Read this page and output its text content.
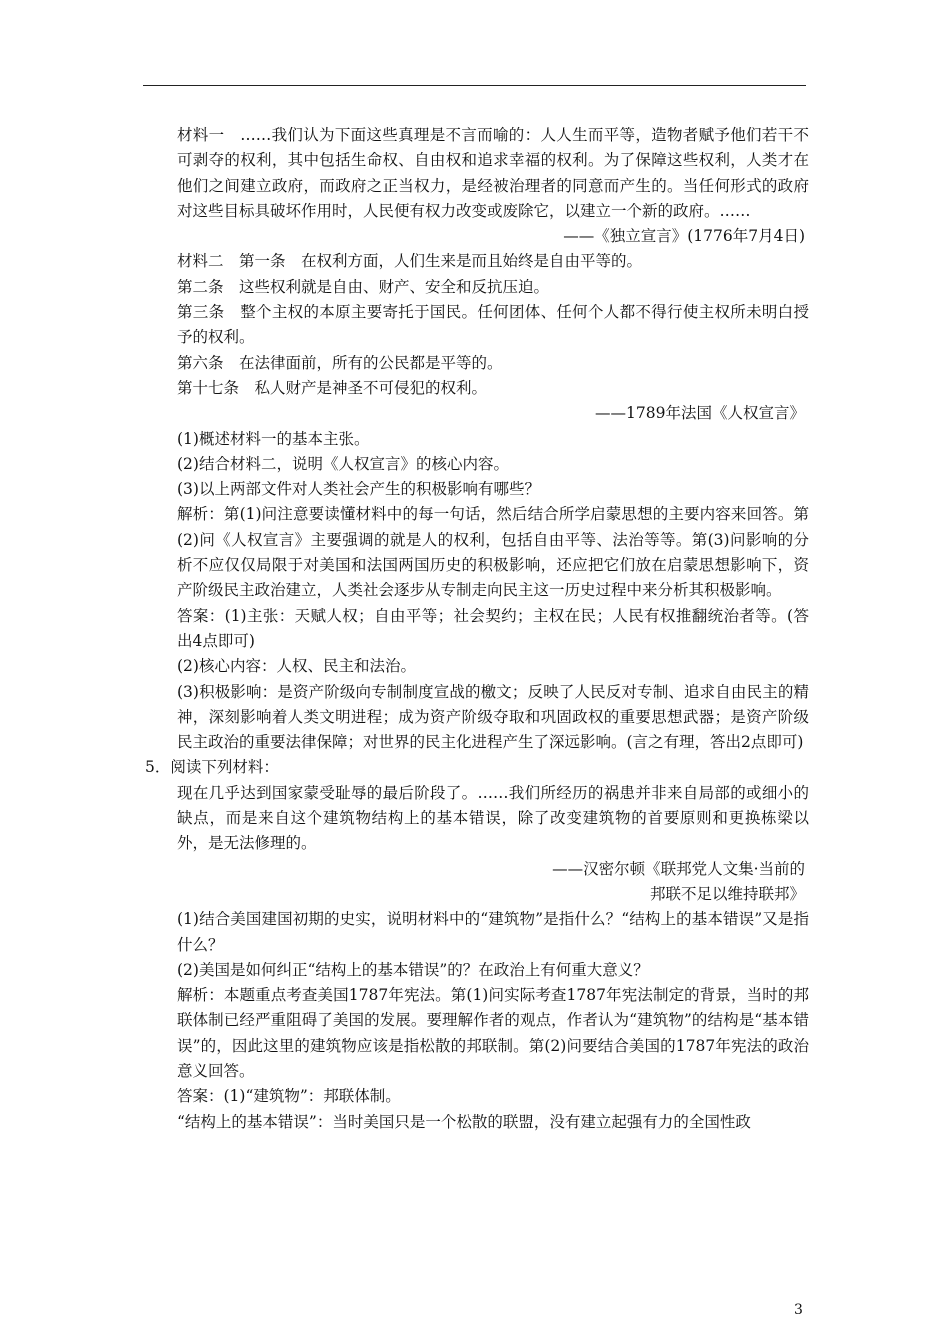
材料一　……我们认为下面这些真理是不言而喻的：人人生而平等，造物者赋予他们若干不可剥夺的权利，其中包括生命权、自由权和追求幸福的权利。为了保障这些权利，人类才在他们之间建立政府，而政府之正当权力，是经被治理者的同意而产生的。当任何形式的政府对这些目标具破坏作用时，人民便有权力改变或废除它，以建立一个新的政府。……

——《独立宣言》(1776年7月4日)

材料二　第一条　在权利方面，人们生来是而且始终是自由平等的。

第二条　这些权利就是自由、财产、安全和反抗压迫。

第三条　整个主权的本原主要寄托于国民。任何团体、任何个人都不得行使主权所未明白授予的权利。

第六条　在法律面前，所有的公民都是平等的。

第十七条　私人财产是神圣不可侵犯的权利。

——1789年法国《人权宣言》

(1)概述材料一的基本主张。

(2)结合材料二，说明《人权宣言》的核心内容。

(3)以上两部文件对人类社会产生的积极影响有哪些？

解析：第(1)问注意要读懂材料中的每一句话，然后结合所学启蒙思想的主要内容来回答。第(2)问《人权宣言》主要强调的就是人的权利，包括自由平等、法治等等。第(3)问影响的分析不应仅仅局限于对美国和法国两国历史的积极影响，还应把它们放在启蒙思想影响下，资产阶级民主政治建立，人类社会逐步从专制走向民主这一历史过程中来分析其积极影响。

答案：(1)主张：天赋人权；自由平等；社会契约；主权在民；人民有权推翻统治者等。(答出4点即可)

(2)核心内容：人权、民主和法治。

(3)积极影响：是资产阶级向专制制度宣战的檄文；反映了人民反对专制、追求自由民主的精神，深刻影响着人类文明进程；成为资产阶级夺取和巩固政权的重要思想武器；是资产阶级民主政治的重要法律保障；对世界的民主化进程产生了深远影响。(言之有理，答出2点即可)

5．阅读下列材料：

现在几乎达到国家蒙受耻辱的最后阶段了。……我们所经历的祸患并非来自局部的或细小的缺点，而是来自这个建筑物结构上的基本错误，除了改变建筑物的首要原则和更换栋梁以外，是无法修理的。

——汉密尔顿《联邦党人文集·当前的

邦联不足以维持联邦》

(1)结合美国建国初期的史实，说明材料中的“建筑物”是指什么？“结构上的基本错误”又是指什么？

(2)美国是如何纠正“结构上的基本错误”的？在政治上有何重大意义？

解析：本题重点考查美国1787年宪法。第(1)问实际考查1787年宪法制定的背景，当时的邦联体制已经严重阻碍了美国的发展。要理解作者的观点，作者认为“建筑物”的结构是“基本错误”的，因此这里的建筑物应该是指松散的邦联制。第(2)问要结合美国的1787年宪法的政治意义回答。

答案：(1)“建筑物”：邦联体制。

“结构上的基本错误”：当时美国只是一个松散的联盟，没有建立起强有力的全国性政

3
